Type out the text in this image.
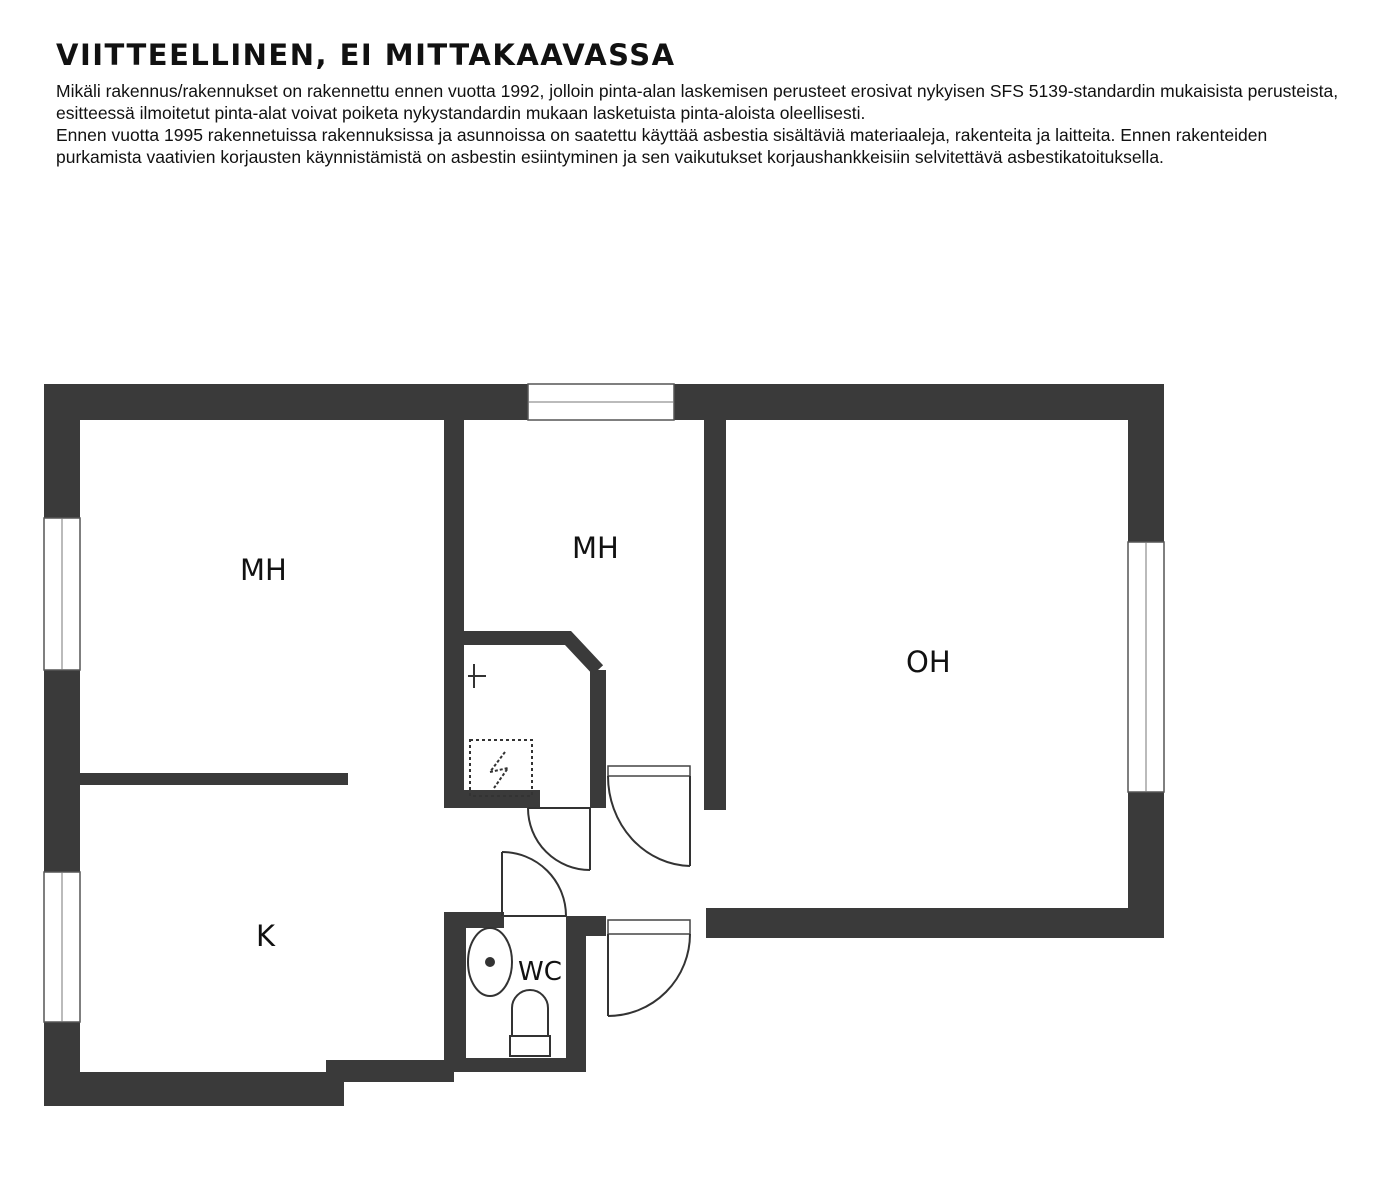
VIITTEELLINEN, EI MITTAKAAVASSA

Mikäli rakennus/rakennukset on rakennettu ennen vuotta 1992, jolloin pinta-alan laskemisen perusteet erosivat nykyisen SFS 5139-standardin mukaisista perusteista, esitteessä ilmoitetut pinta-alat voivat poiketa nykystandardin mukaan lasketuista pinta-aloista oleellisesti.

Ennen vuotta 1995 rakennetuissa rakennuksissa ja asunnoissa on saatettu käyttää asbestia sisältäviä materiaaleja, rakenteita ja laitteita. Ennen rakenteiden purkamista vaativien korjausten käynnistämistä on asbestin esiintyminen ja sen vaikutukset korjaushankkeisiin selvitettävä asbestikatoituksella.

MH
MH
OH
K
WC
